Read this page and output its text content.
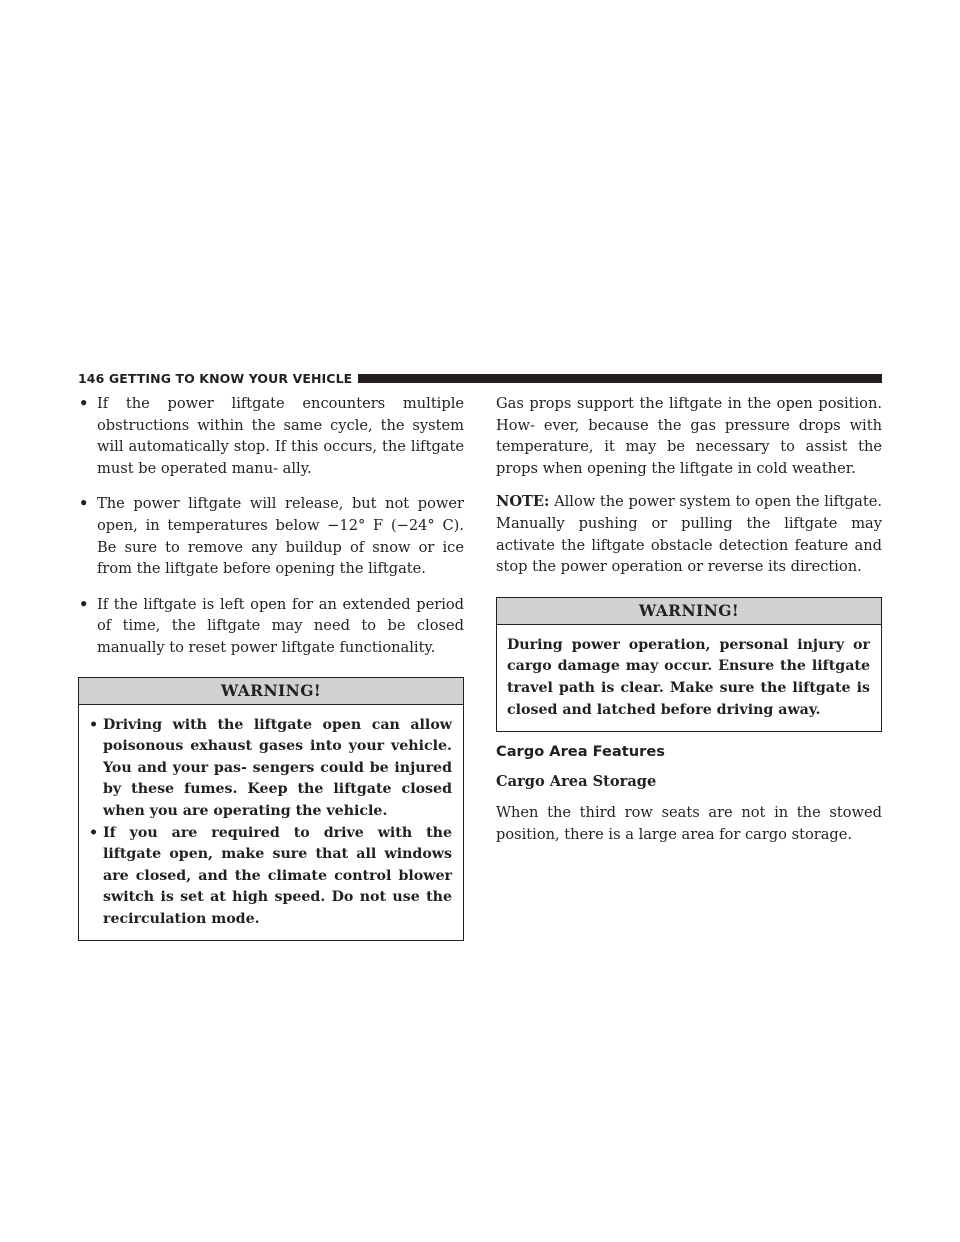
146 GETTING TO KNOW YOUR VEHICLE
• If the power liftgate encounters multiple obstructions within the same cycle, the system will automatically stop. If this occurs, the liftgate must be operated manu- ally.
• The power liftgate will release, but not power open, in temperatures below −12° F (−24° C). Be sure to remove any buildup of snow or ice from the liftgate before opening the liftgate.
• If the liftgate is left open for an extended period of time, the liftgate may need to be closed manually to reset power liftgate functionality.
WARNING!
• Driving with the liftgate open can allow poisonous exhaust gases into your vehicle. You and your pas- sengers could be injured by these fumes. Keep the liftgate closed when you are operating the vehicle.
• If you are required to drive with the liftgate open, make sure that all windows are closed, and the climate control blower switch is set at high speed. Do not use the recirculation mode.

Gas props support the liftgate in the open position. How- ever, because the gas pressure drops with temperature, it may be necessary to assist the props when opening the liftgate in cold weather.

NOTE: Allow the power system to open the liftgate. Manually pushing or pulling the liftgate may activate the liftgate obstacle detection feature and stop the power operation or reverse its direction.

WARNING!

During power operation, personal injury or cargo damage may occur. Ensure the liftgate travel path is clear. Make sure the liftgate is closed and latched before driving away.

Cargo Area Features
Cargo Area Storage

When the third row seats are not in the stowed position, there is a large area for cargo storage.
